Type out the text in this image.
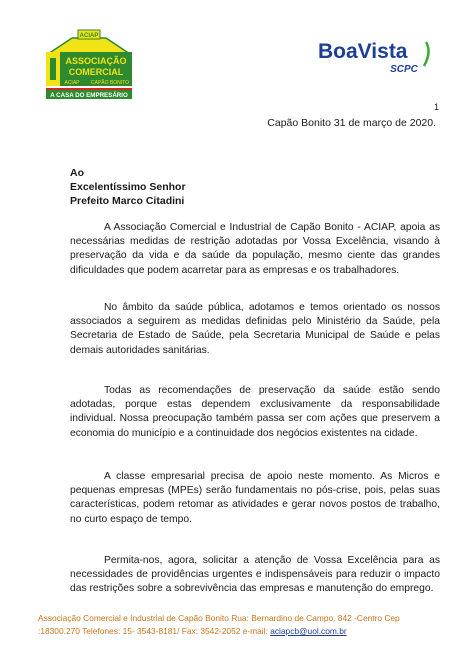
ACIAP
ASSOCIAÇÃO
COMERCIAL
ACIAP CAPÃO BONITO
A CASA DO EMPRESÁRIO
BoaVista
SCPC
1
Capão Bonito 31 de março de 2020.
Ao
Excelentíssimo Senhor
Prefeito Marco Citadini
A Associação Comercial e Industrial de Capão Bonito - ACIAP, apoia as necessárias medidas de restrição adotadas por Vossa Excelência, visando à preservação da vida e da saúde da população, mesmo ciente das grandes dificuldades que podem acarretar para as empresas e os trabalhadores.
No âmbito da saúde pública, adotamos e temos orientado os nossos associados a seguirem as medidas definidas pelo Ministério da Saúde, pela Secretaria de Estado de Saúde, pela Secretaria Municipal de Saúde e pelas demais autoridades sanitárias.
Todas as recomendações de preservação da saúde estão sendo adotadas, porque estas dependem exclusivamente da responsabilidade individual. Nossa preocupação também passa ser com ações que preservem a economia do município e a continuidade dos negócios existentes na cidade.
A classe empresarial precisa de apoio neste momento. As Micros e pequenas empresas (MPEs) serão fundamentais no pós-crise, pois, pelas suas características, podem retomar as atividades e gerar novos postos de trabalho, no curto espaço de tempo.
Permita-nos, agora, solicitar a atenção de Vossa Excelência para as necessidades de providências urgentes e indispensáveis para reduzir o impacto das restrições sobre a sobrevivência das empresas e manutenção do emprego.
Associação Comercial e Industrial de Capão Bonito Rua: Bernardino de Campo, 842 -Centro Cep
:18300.270 Telefones: 15- 3543-8181/ Fax: 3542-2052 e-mail: aciapcb@uol.com.br
